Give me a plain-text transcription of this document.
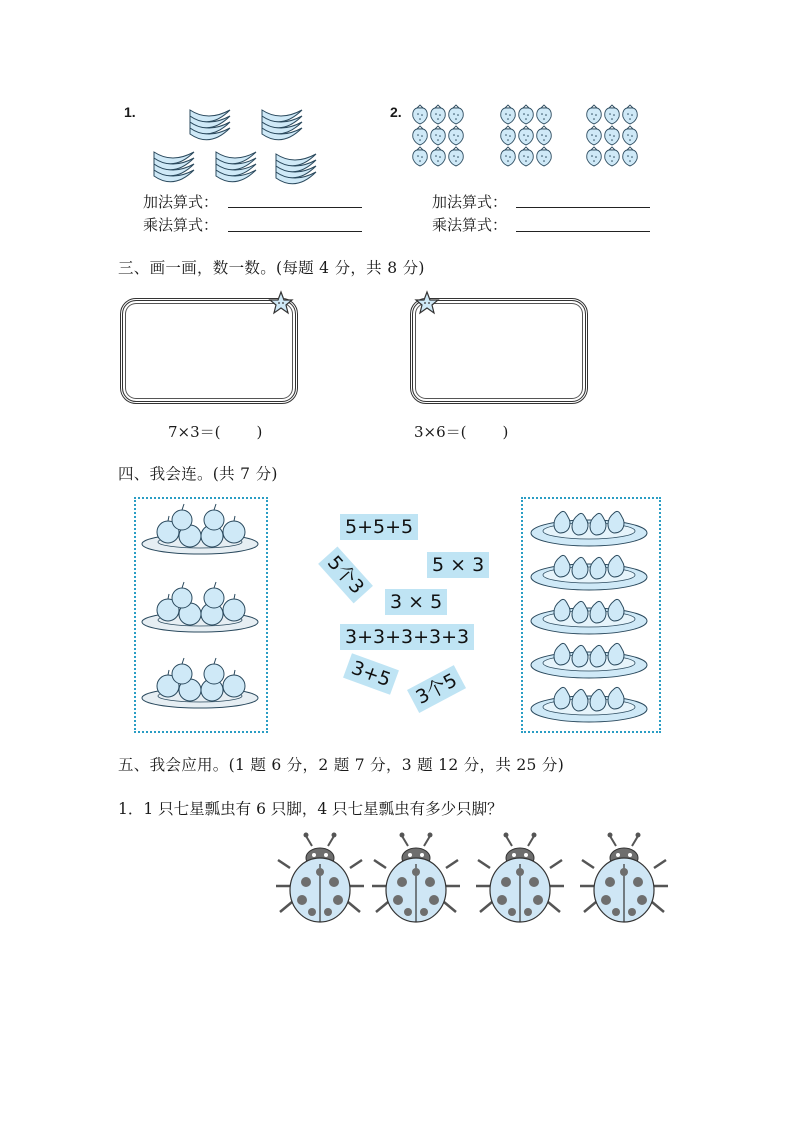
1.
加法算式：
乘法算式：
2.
加法算式：
乘法算式：
三、画一画，数一数。(每题 4 分，共 8 分)
7×3＝( )	3×6＝( )
四、我会连。(共 7 分)
5+5+5
5个3	5 × 3
3 × 5
3+3+3+3+3
3+5 3个5
五、我会应用。(1 题 6 分，2 题 7 分，3 题 12 分，共 25 分)
1．1 只七星瓢虫有 6 只脚，4 只七星瓢虫有多少只脚？
